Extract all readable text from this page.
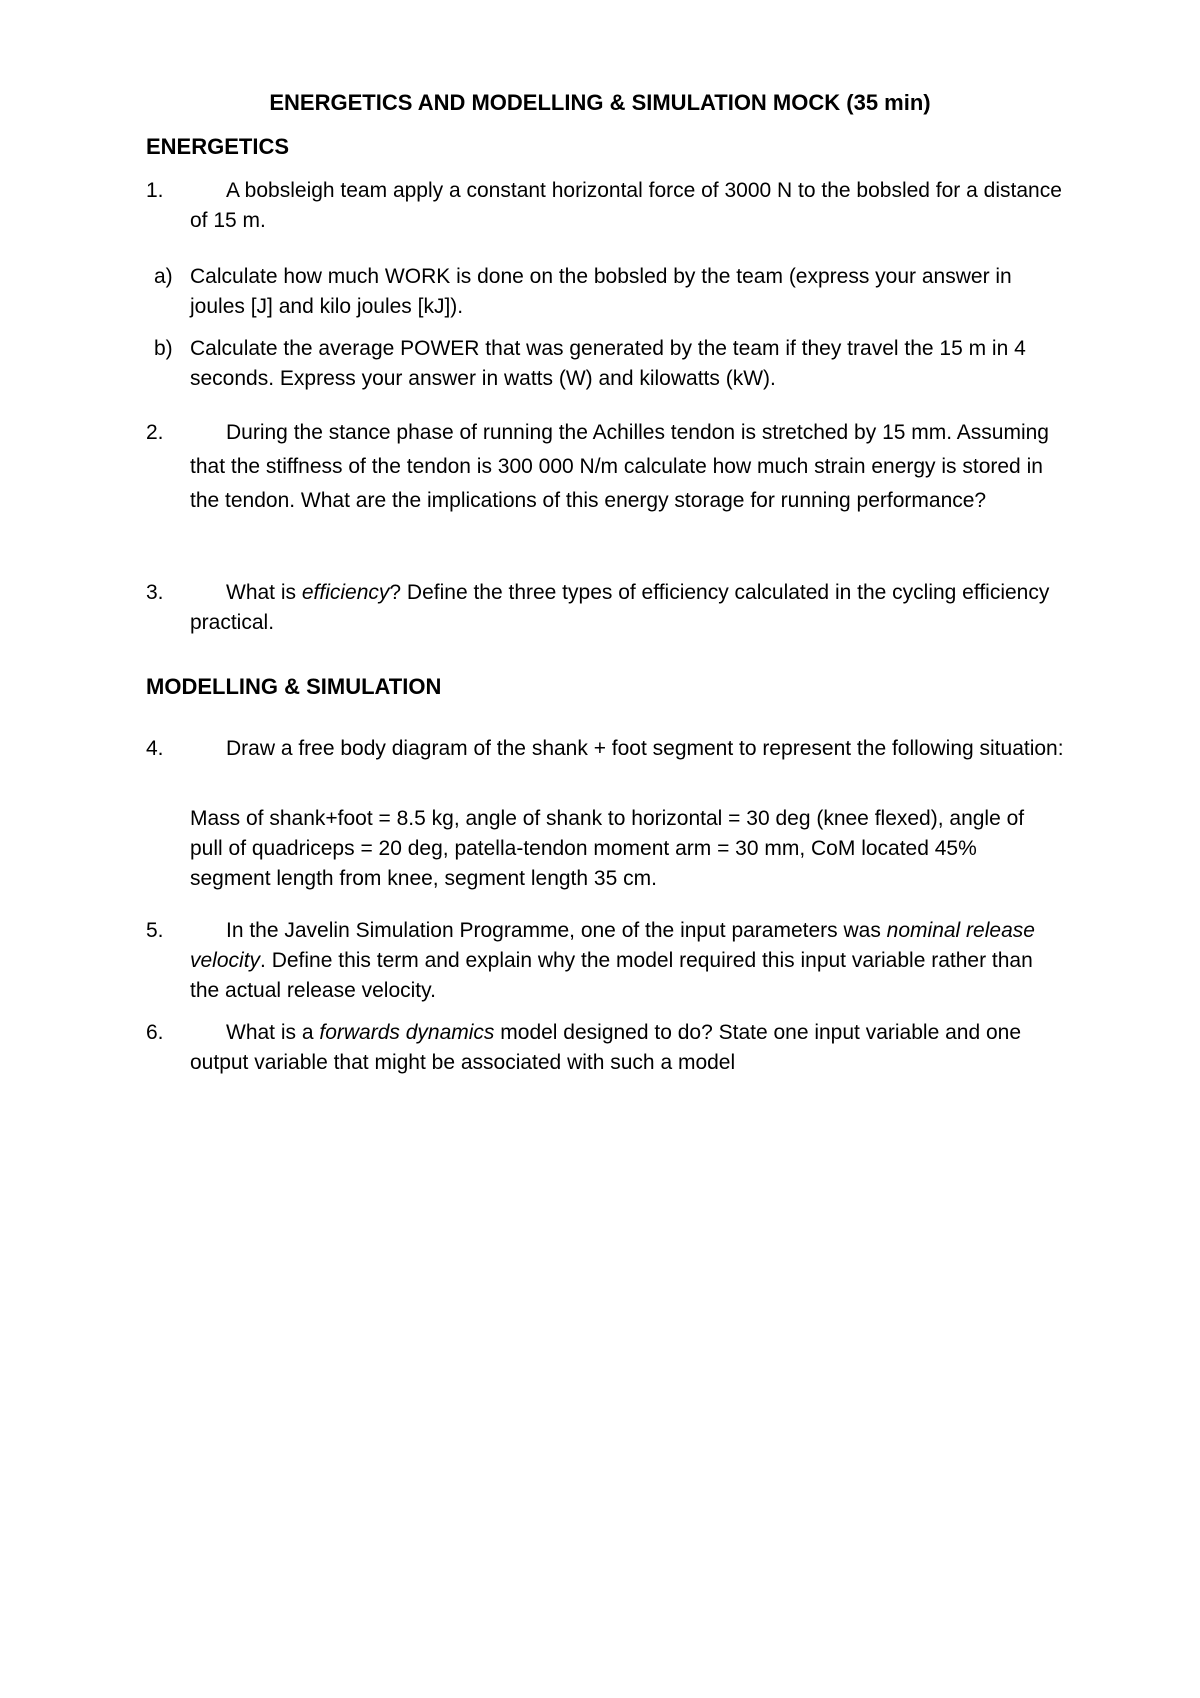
ENERGETICS AND MODELLING & SIMULATION MOCK (35 min)
ENERGETICS
1.	A bobsleigh team apply a constant horizontal force of 3000 N to the bobsled for a distance of 15 m.
a) Calculate how much WORK is done on the bobsled by the team (express your answer in joules [J] and kilo joules [kJ]).
b) Calculate the average POWER that was generated by the team if they travel the 15 m in 4 seconds. Express your answer in watts (W) and kilowatts (kW).
2.	During the stance phase of running the Achilles tendon is stretched by 15 mm. Assuming that the stiffness of the tendon is 300 000 N/m calculate how much strain energy is stored in the tendon. What are the implications of this energy storage for running performance?
3.	What is efficiency? Define the three types of efficiency calculated in the cycling efficiency practical.
MODELLING & SIMULATION
4.	Draw a free body diagram of the shank + foot segment to represent the following situation:
Mass of shank+foot = 8.5 kg, angle of shank to horizontal = 30 deg (knee flexed), angle of pull of quadriceps = 20 deg, patella-tendon moment arm = 30 mm, CoM located 45% segment length from knee, segment length 35 cm.
5.	In the Javelin Simulation Programme, one of the input parameters was nominal release velocity. Define this term and explain why the model required this input variable rather than the actual release velocity.
6.	What is a forwards dynamics model designed to do? State one input variable and one output variable that might be associated with such a model
